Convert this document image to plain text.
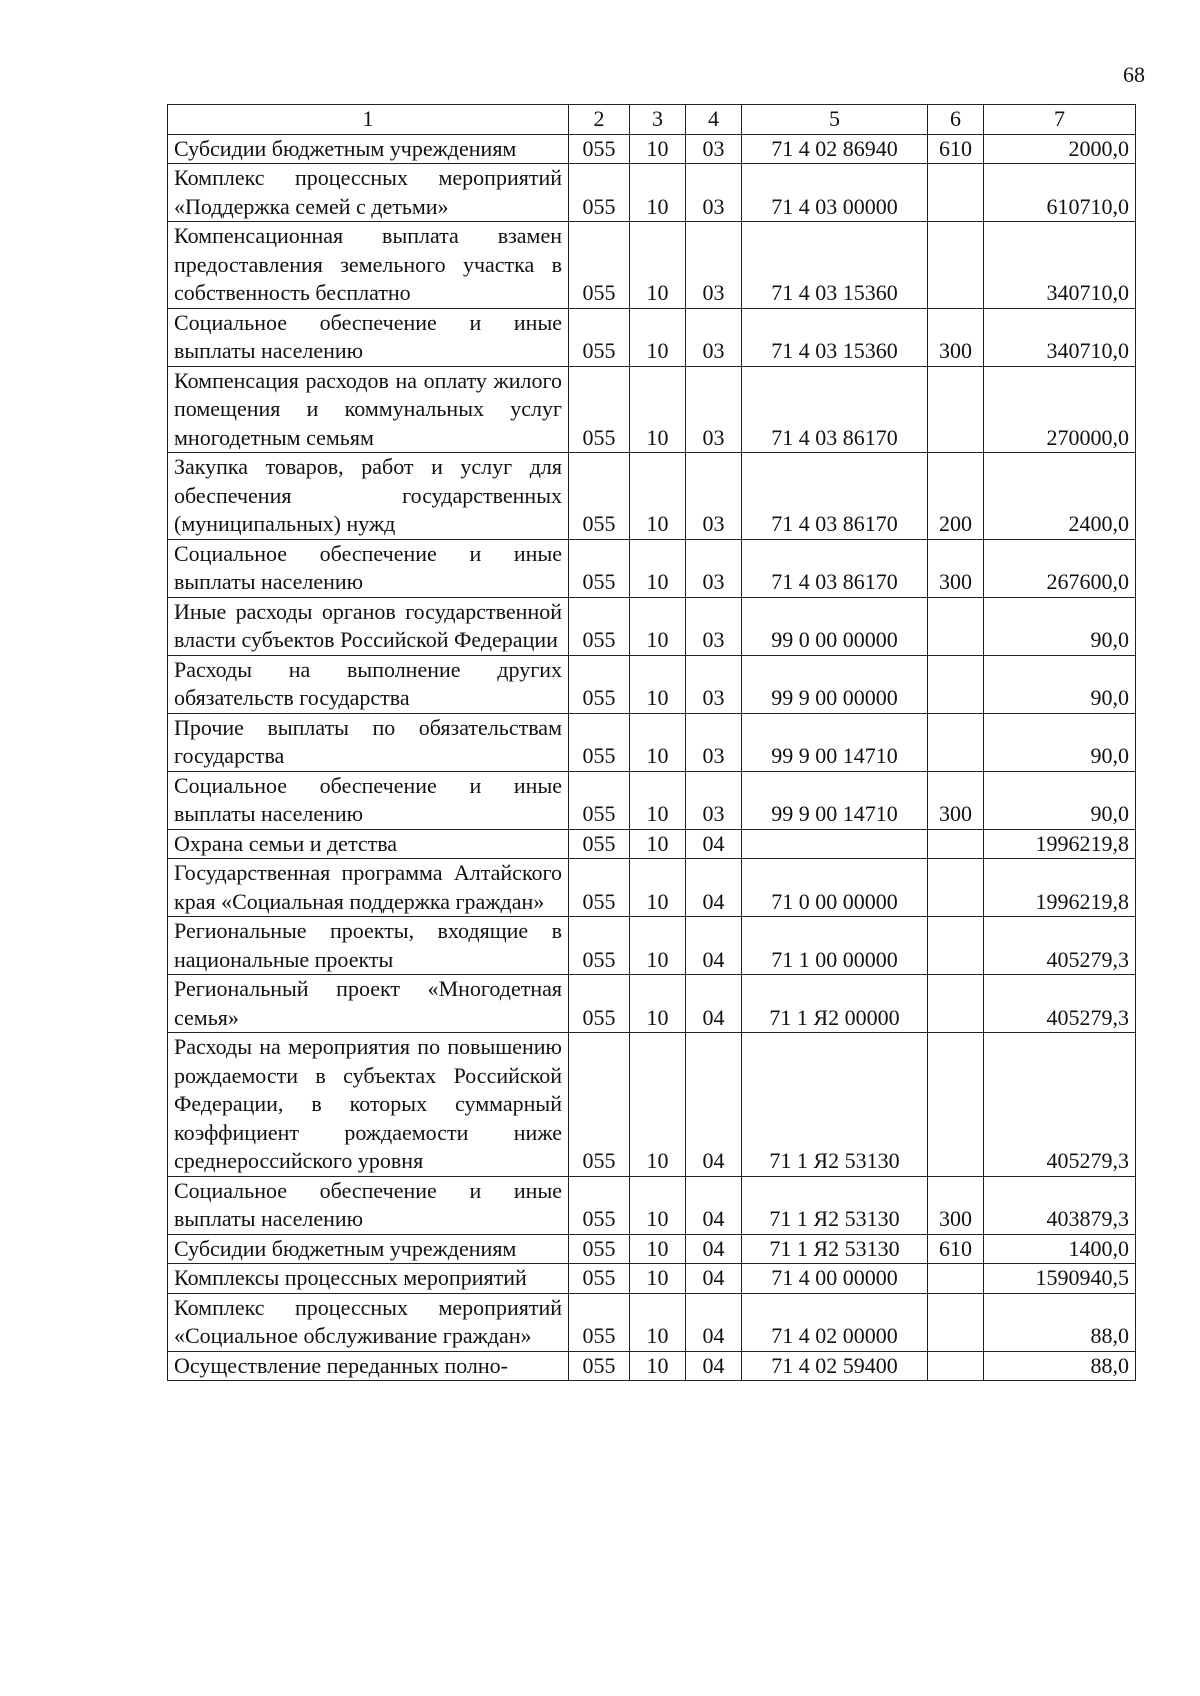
68
1	2	3	4	5	6	7
Субсидии бюджетным учреждениям	055	10	03	71 4 02 86940	610	2000,0
Комплекс процессных мероприятий «Поддержка семей с детьми»	055	10	03	71 4 03 00000		610710,0
Компенсационная выплата взамен предоставления земельного участка в собственность бесплатно	055	10	03	71 4 03 15360		340710,0
Социальное обеспечение и иные выплаты населению	055	10	03	71 4 03 15360	300	340710,0
Компенсация расходов на оплату жилого помещения и коммунальных услуг многодетным семьям	055	10	03	71 4 03 86170		270000,0
Закупка товаров, работ и услуг для обеспечения государственных (муниципальных) нужд	055	10	03	71 4 03 86170	200	2400,0
Социальное обеспечение и иные выплаты населению	055	10	03	71 4 03 86170	300	267600,0
Иные расходы органов государственной власти субъектов Российской Федерации	055	10	03	99 0 00 00000		90,0
Расходы на выполнение других обязательств государства	055	10	03	99 9 00 00000		90,0
Прочие выплаты по обязательствам государства	055	10	03	99 9 00 14710		90,0
Социальное обеспечение и иные выплаты населению	055	10	03	99 9 00 14710	300	90,0
Охрана семьи и детства	055	10	04			1996219,8
Государственная программа Алтайского края «Социальная поддержка граждан»	055	10	04	71 0 00 00000		1996219,8
Региональные проекты, входящие в национальные проекты	055	10	04	71 1 00 00000		405279,3
Региональный проект «Многодетная семья»	055	10	04	71 1 Я2 00000		405279,3
Расходы на мероприятия по повышению рождаемости в субъектах Российской Федерации, в которых суммарный коэффициент рождаемости ниже среднероссийского уровня	055	10	04	71 1 Я2 53130		405279,3
Социальное обеспечение и иные выплаты населению	055	10	04	71 1 Я2 53130	300	403879,3
Субсидии бюджетным учреждениям	055	10	04	71 1 Я2 53130	610	1400,0
Комплексы процессных мероприятий	055	10	04	71 4 00 00000		1590940,5
Комплекс процессных мероприятий «Социальное обслуживание граждан»	055	10	04	71 4 02 00000		88,0
Осуществление переданных полно-	055	10	04	71 4 02 59400		88,0
